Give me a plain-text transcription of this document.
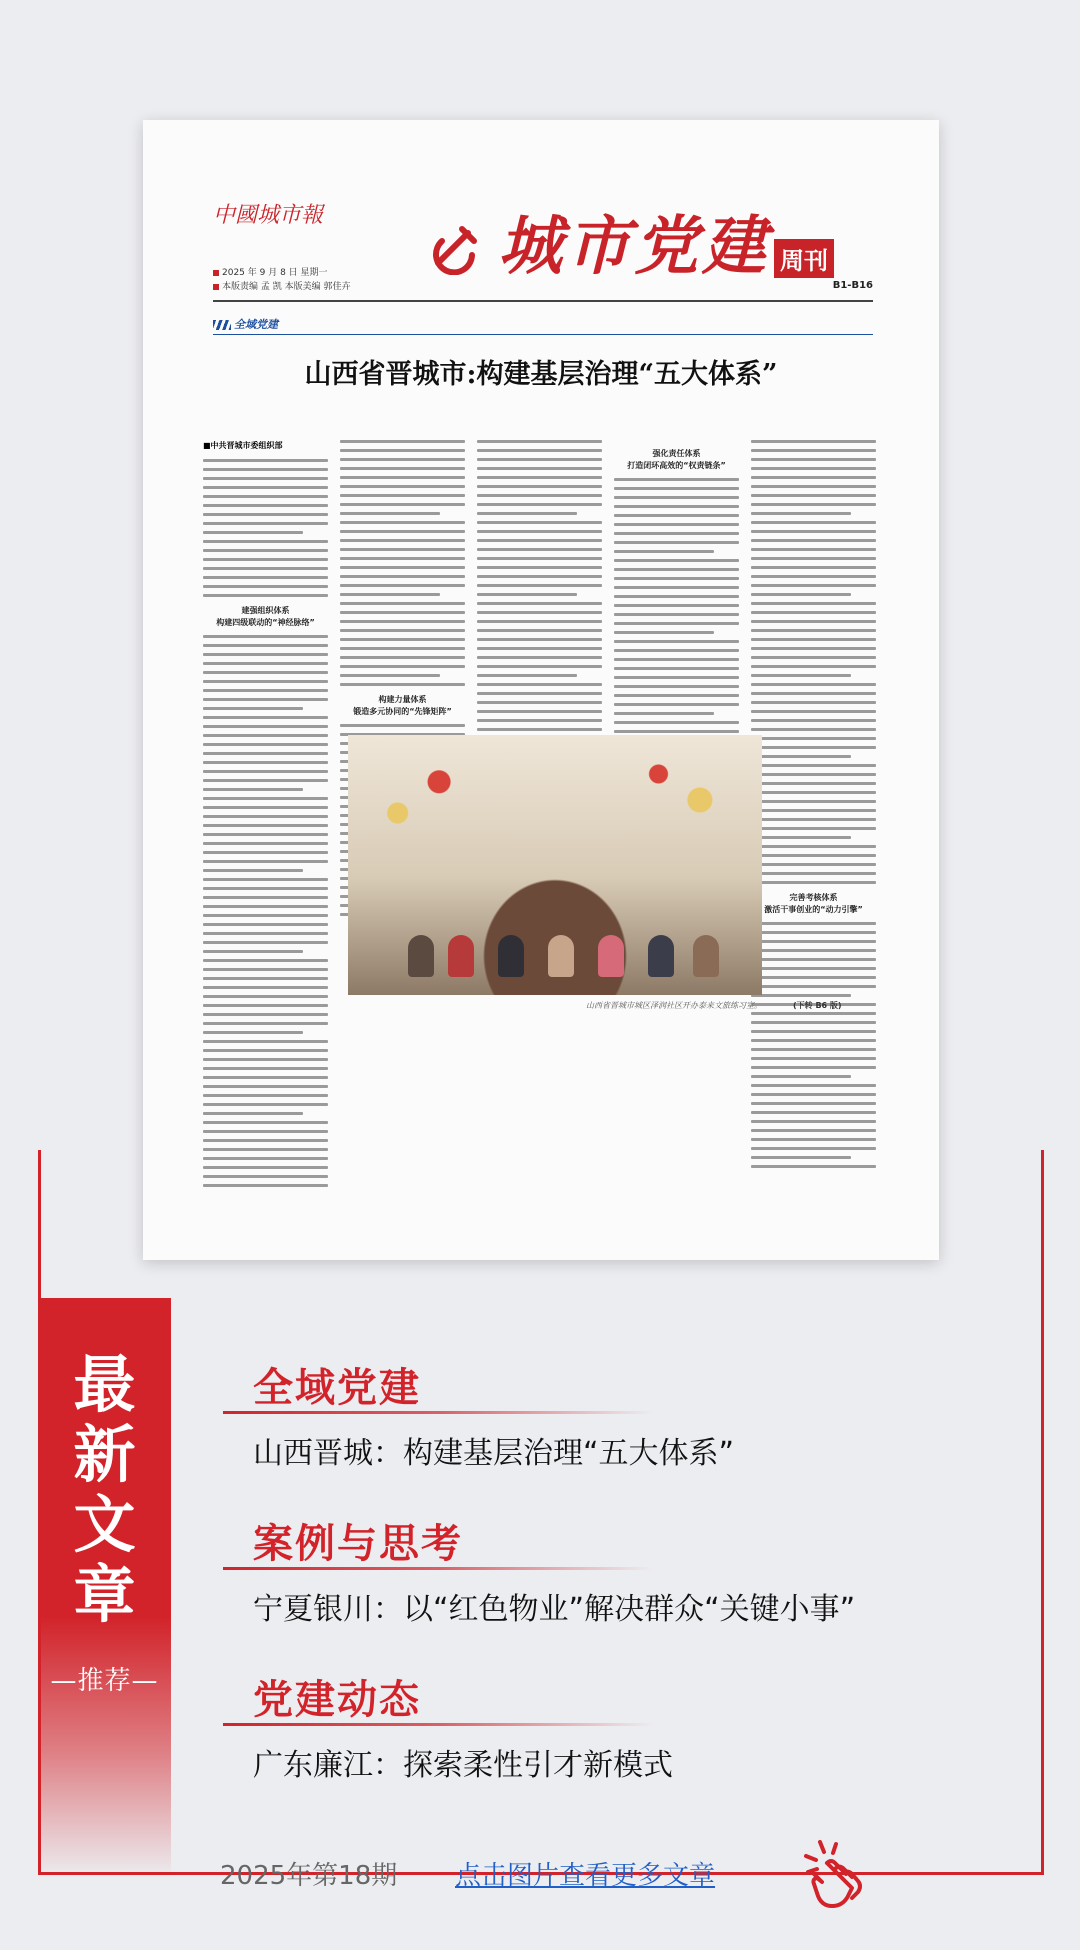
中國城市報
2025 年 9 月 8 日 星期一
本版责编 孟 凯 本版美编 郭佳卉
城市党建 周刊
B1-B16
全域党建
山西省晋城市:构建基层治理“五大体系”
■中共晋城市委组织部
建强组织体系
构建四级联动的“神经脉络”
构建力量体系
锻造多元协同的“先锋矩阵”
强化责任体系
打造闭环高效的“权责链条”
完善考核体系
激活干事创业的“动力引擎”
山西省晋城市城区泽润社区开办泰来文旅练习室。	(下转 B6 版)
最
新
文
章
—推荐—
全域党建
山西晋城：构建基层治理“五大体系”
案例与思考
宁夏银川：以“红色物业”解决群众“关键小事”
党建动态
广东廉江：探索柔性引才新模式
2025年第18期 点击图片查看更多文章
